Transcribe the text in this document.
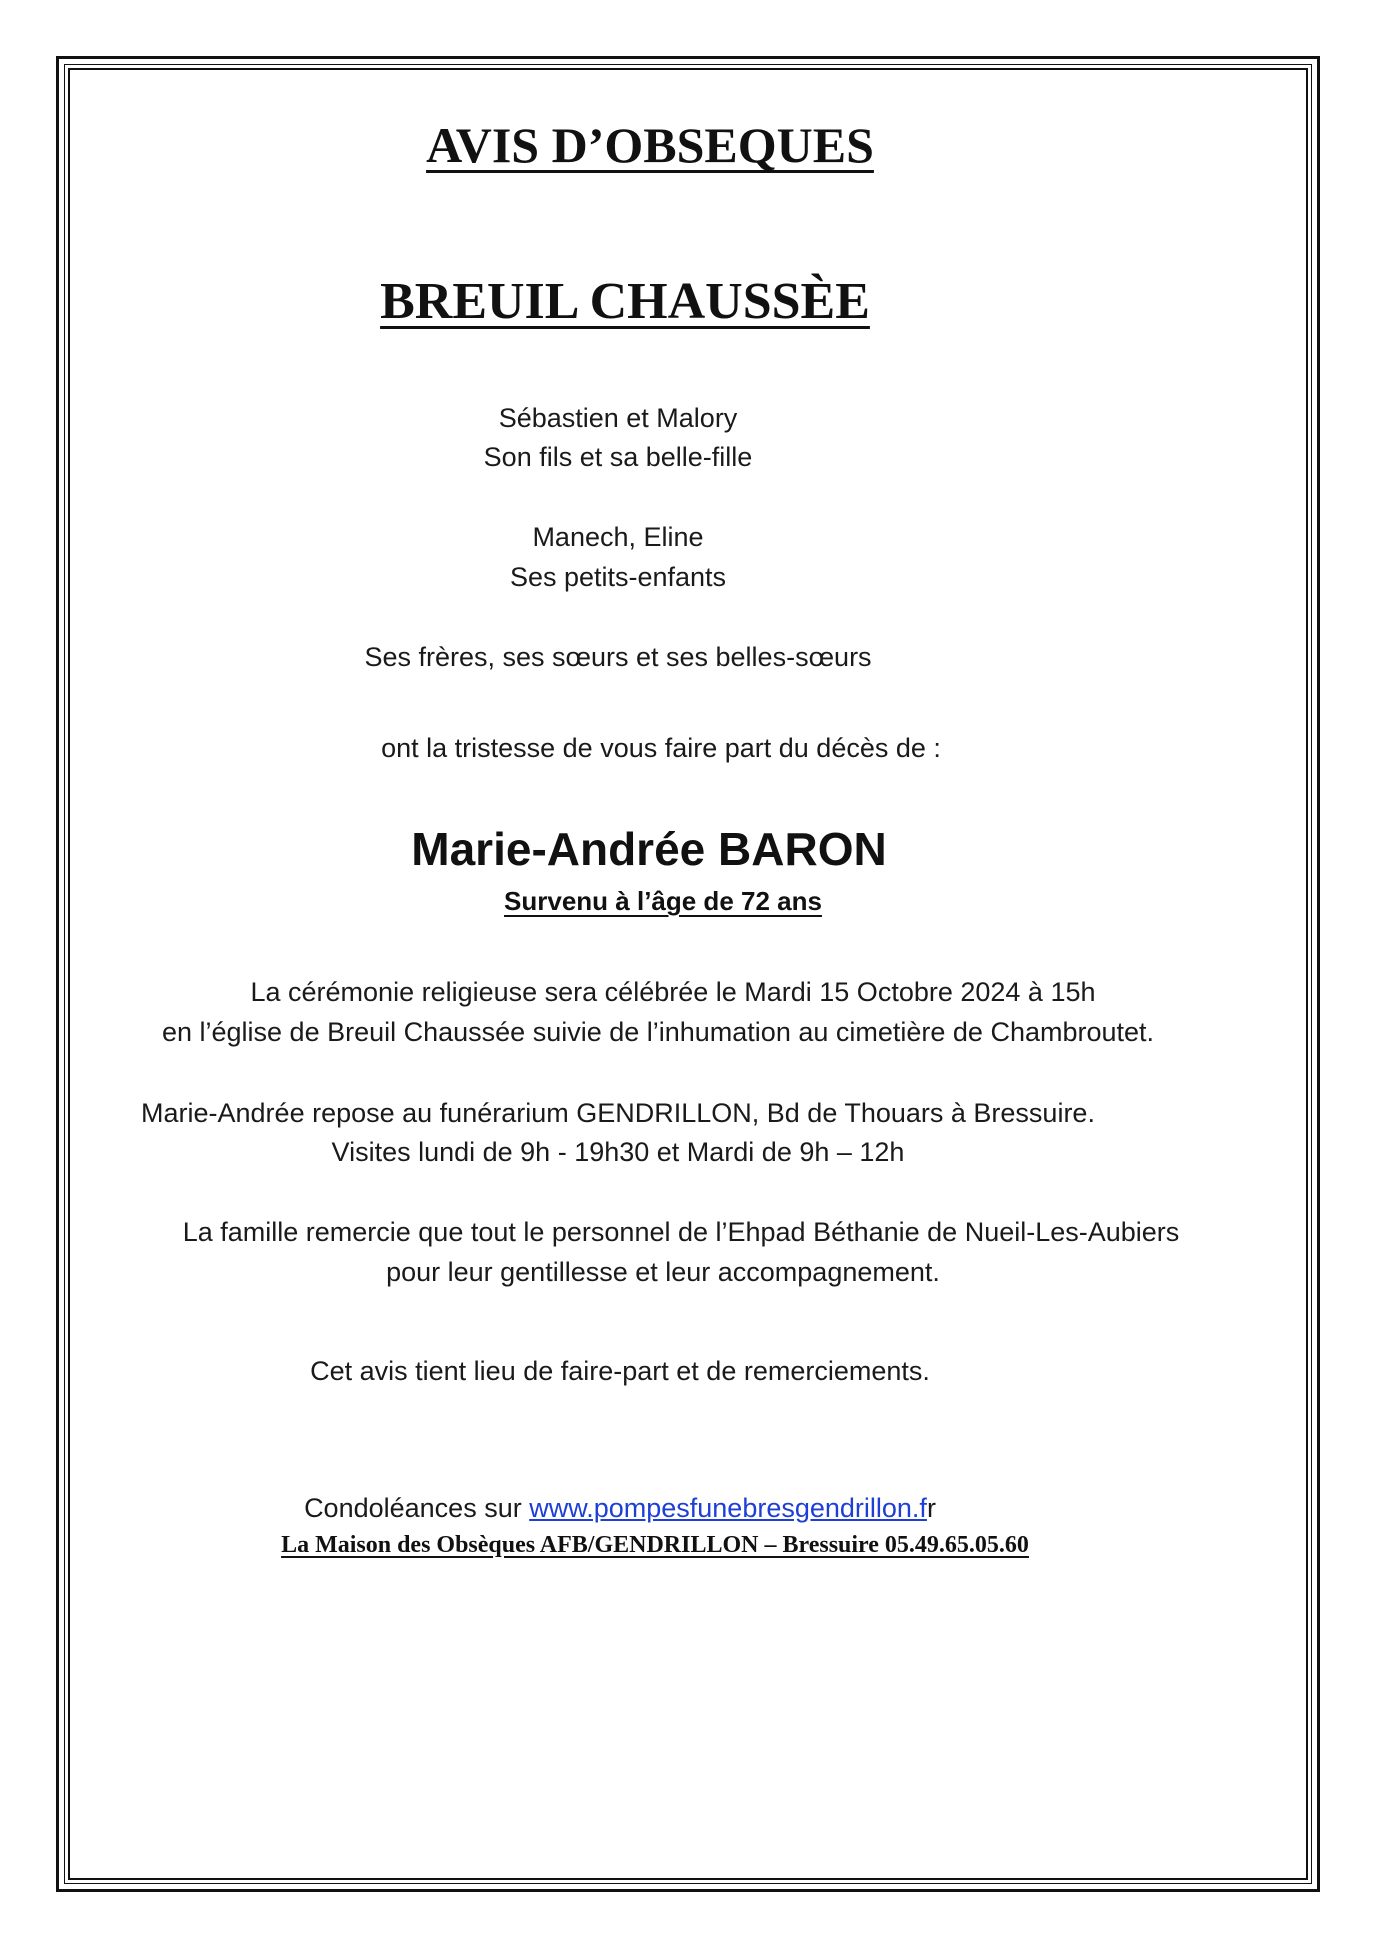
AVIS D’OBSEQUES
BREUIL CHAUSSÈE
Sébastien et Malory
Son fils et sa belle-fille
Manech, Eline
Ses petits-enfants
Ses frères, ses sœurs et ses belles-sœurs
ont la tristesse de vous faire part du décès de :
Marie-Andrée BARON
Survenu à l’âge de 72 ans
La cérémonie religieuse sera célébrée le Mardi 15 Octobre 2024 à 15h
en l’église de Breuil Chaussée suivie de l’inhumation au cimetière de Chambroutet.
Marie-Andrée repose au funérarium GENDRILLON, Bd de Thouars à Bressuire.
Visites lundi de 9h - 19h30 et Mardi de 9h – 12h
La famille remercie que tout le personnel de l’Ehpad Béthanie de Nueil-Les-Aubiers
pour leur gentillesse et leur accompagnement.
Cet avis tient lieu de faire-part et de remerciements.
Condoléances sur www.pompesfunebresgendrillon.fr
La Maison des Obsèques AFB/GENDRILLON – Bressuire 05.49.65.05.60
